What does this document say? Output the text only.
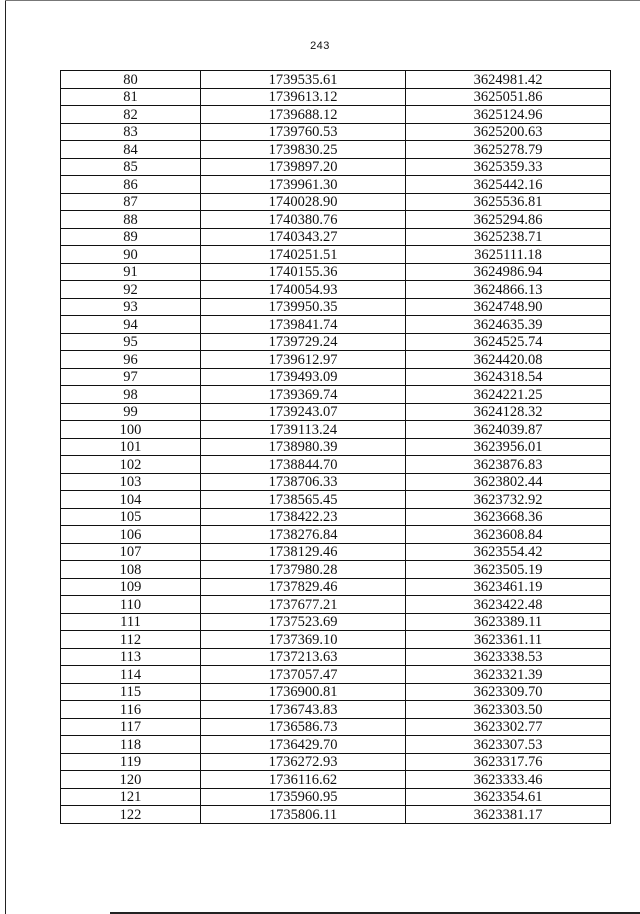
243
80	1739535.61	3624981.42
81	1739613.12	3625051.86
82	1739688.12	3625124.96
83	1739760.53	3625200.63
84	1739830.25	3625278.79
85	1739897.20	3625359.33
86	1739961.30	3625442.16
87	1740028.90	3625536.81
88	1740380.76	3625294.86
89	1740343.27	3625238.71
90	1740251.51	3625111.18
91	1740155.36	3624986.94
92	1740054.93	3624866.13
93	1739950.35	3624748.90
94	1739841.74	3624635.39
95	1739729.24	3624525.74
96	1739612.97	3624420.08
97	1739493.09	3624318.54
98	1739369.74	3624221.25
99	1739243.07	3624128.32
100	1739113.24	3624039.87
101	1738980.39	3623956.01
102	1738844.70	3623876.83
103	1738706.33	3623802.44
104	1738565.45	3623732.92
105	1738422.23	3623668.36
106	1738276.84	3623608.84
107	1738129.46	3623554.42
108	1737980.28	3623505.19
109	1737829.46	3623461.19
110	1737677.21	3623422.48
111	1737523.69	3623389.11
112	1737369.10	3623361.11
113	1737213.63	3623338.53
114	1737057.47	3623321.39
115	1736900.81	3623309.70
116	1736743.83	3623303.50
117	1736586.73	3623302.77
118	1736429.70	3623307.53
119	1736272.93	3623317.76
120	1736116.62	3623333.46
121	1735960.95	3623354.61
122	1735806.11	3623381.17
